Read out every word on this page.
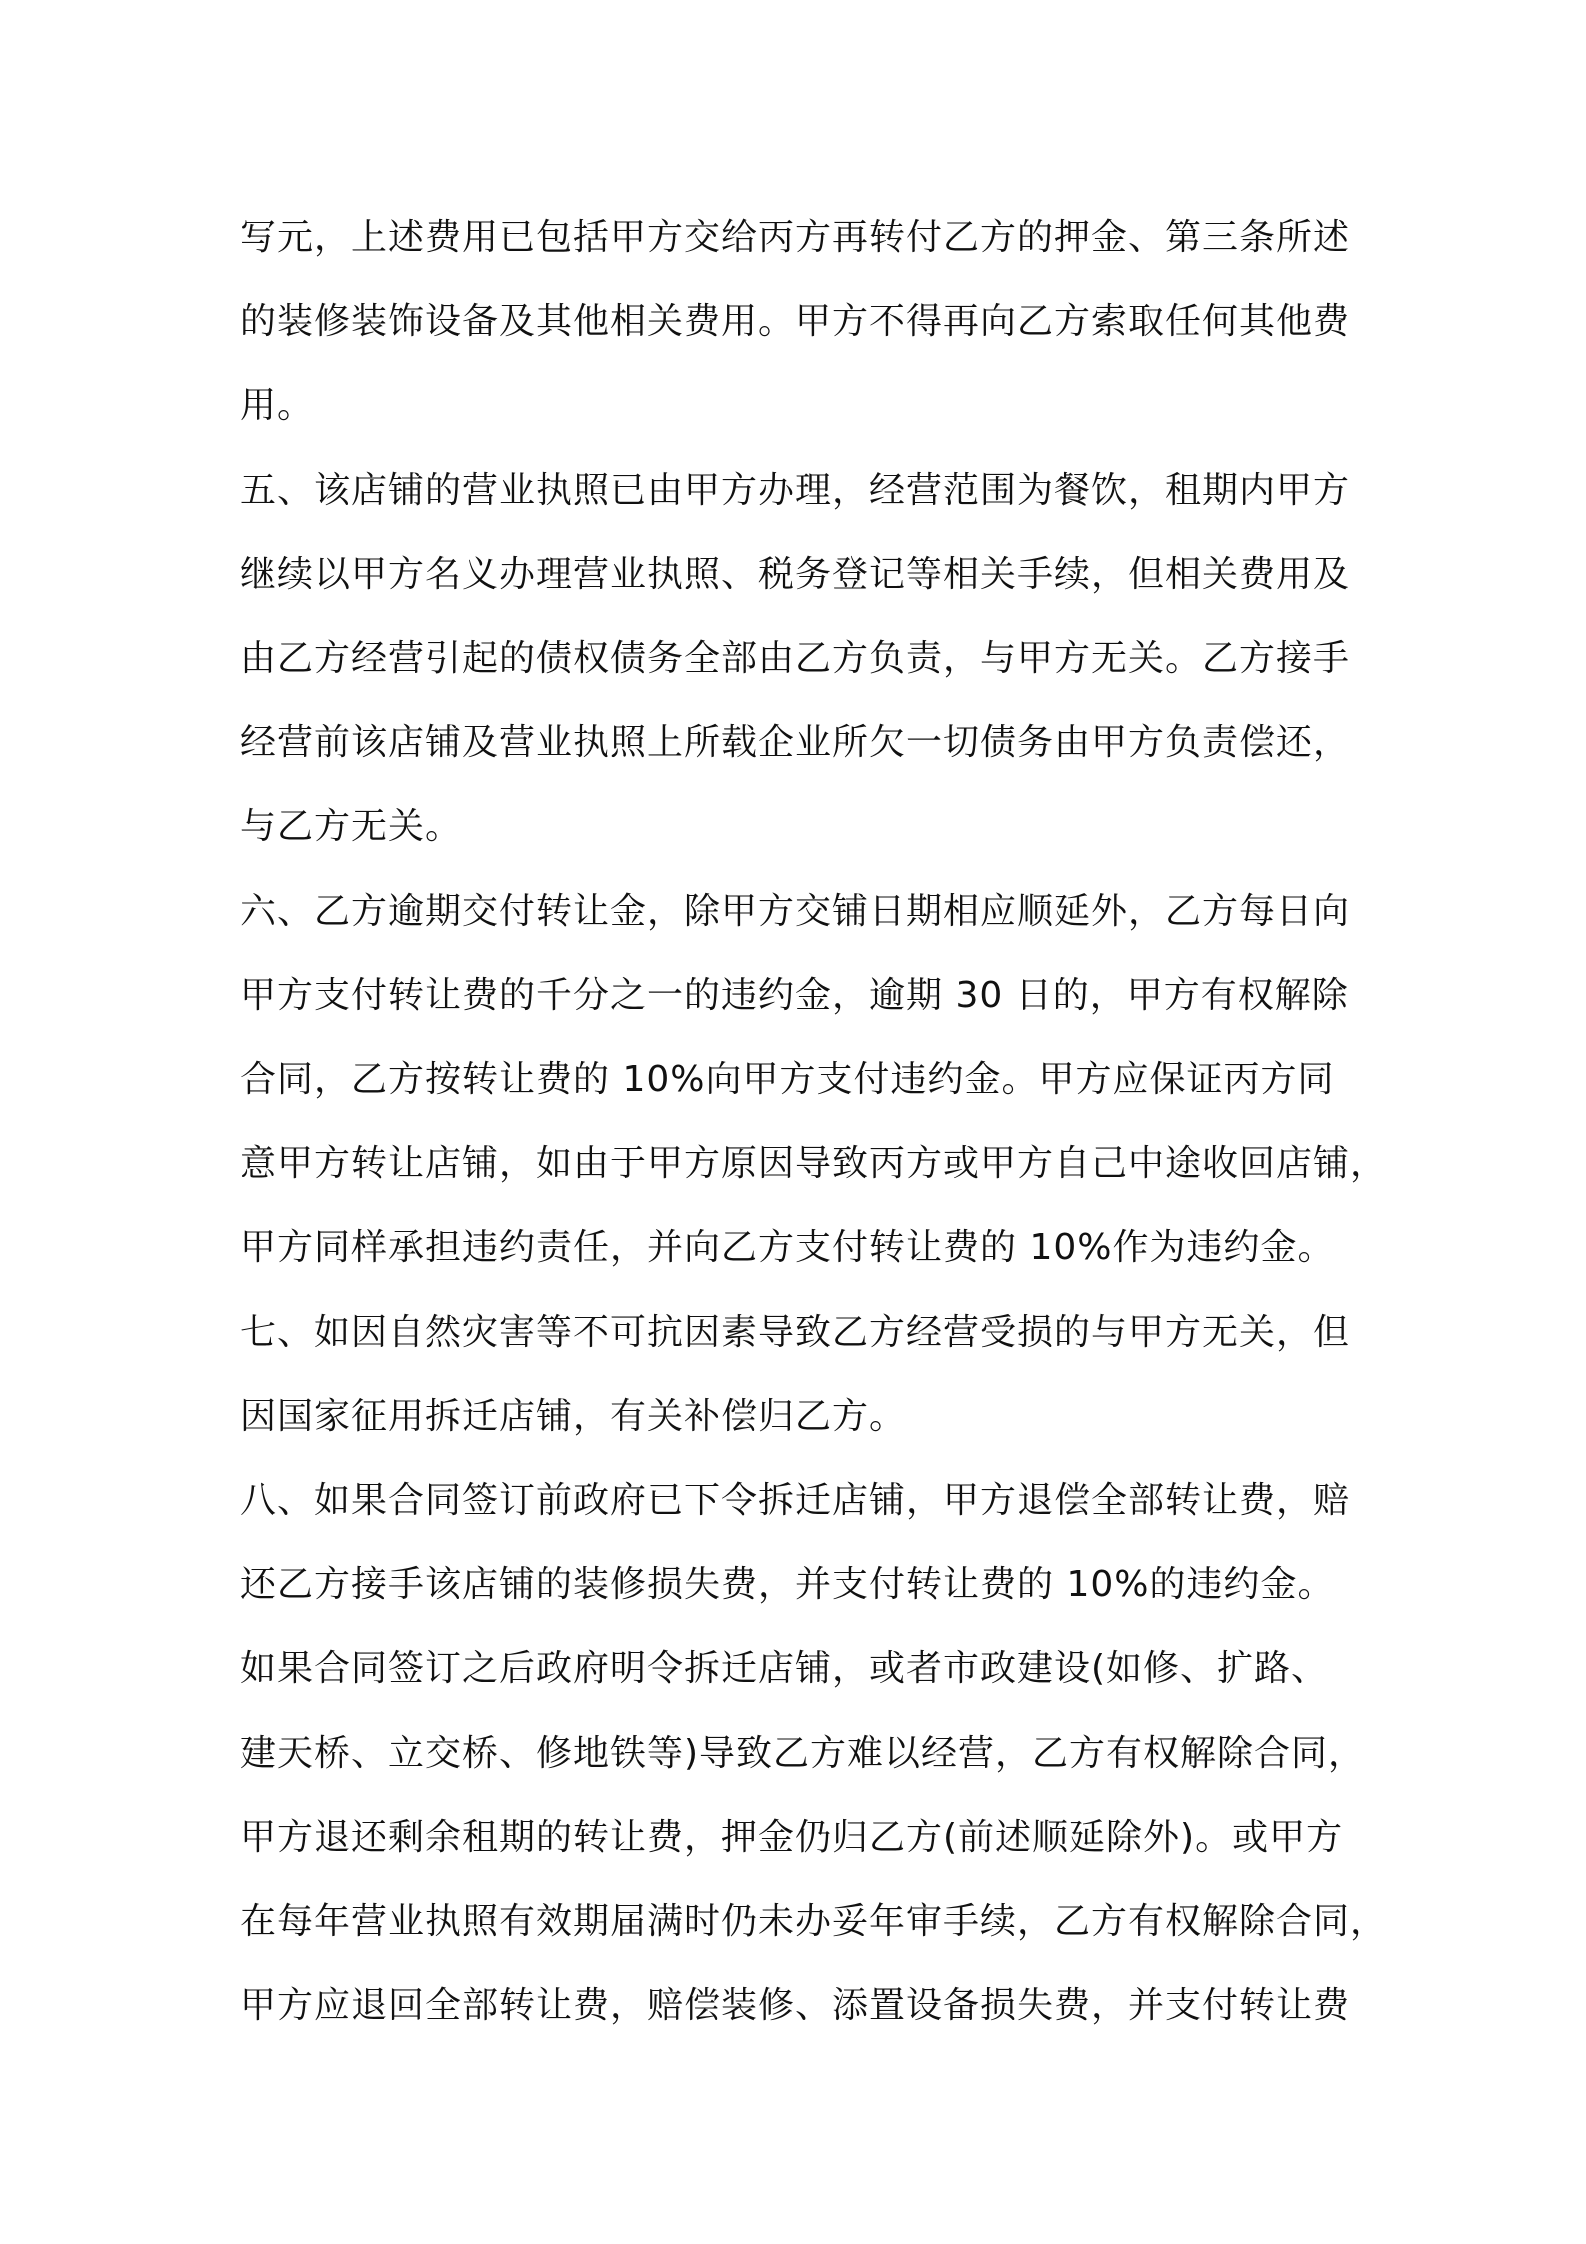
写元，上述费用已包括甲方交给丙方再转付乙方的押金、第三条所述
的装修装饰设备及其他相关费用。甲方不得再向乙方索取任何其他费
用。

五、该店铺的营业执照已由甲方办理，经营范围为餐饮，租期内甲方
继续以甲方名义办理营业执照、税务登记等相关手续，但相关费用及
由乙方经营引起的债权债务全部由乙方负责，与甲方无关。乙方接手
经营前该店铺及营业执照上所载企业所欠一切债务由甲方负责偿还，
与乙方无关。

六、乙方逾期交付转让金，除甲方交铺日期相应顺延外，乙方每日向
甲方支付转让费的千分之一的违约金，逾期 30 日的，甲方有权解除
合同，乙方按转让费的 10%向甲方支付违约金。甲方应保证丙方同
意甲方转让店铺，如由于甲方原因导致丙方或甲方自己中途收回店铺，
甲方同样承担违约责任，并向乙方支付转让费的 10%作为违约金。

七、如因自然灾害等不可抗因素导致乙方经营受损的与甲方无关，但
因国家征用拆迁店铺，有关补偿归乙方。

八、如果合同签订前政府已下令拆迁店铺，甲方退偿全部转让费，赔
还乙方接手该店铺的装修损失费，并支付转让费的 10%的违约金。
如果合同签订之后政府明令拆迁店铺，或者市政建设(如修、扩路、
建天桥、立交桥、修地铁等)导致乙方难以经营，乙方有权解除合同，
甲方退还剩余租期的转让费，押金仍归乙方(前述顺延除外)。或甲方
在每年营业执照有效期届满时仍未办妥年审手续，乙方有权解除合同，
甲方应退回全部转让费，赔偿装修、添置设备损失费，并支付转让费
